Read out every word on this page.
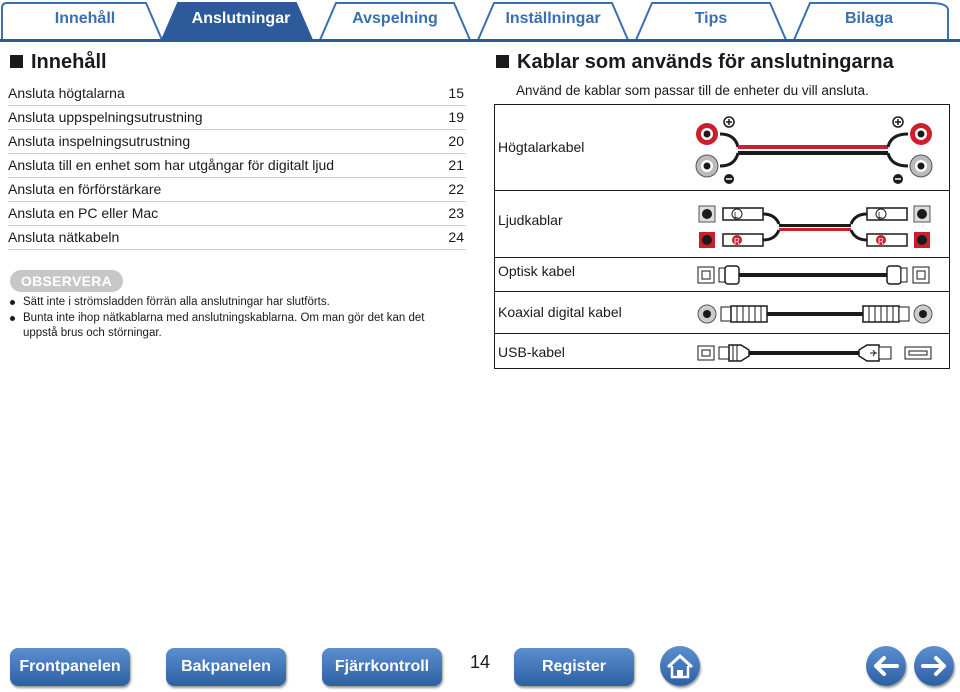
Innehåll	Anslutningar	Avspelning	Inställningar	Tips	Bilaga
Innehåll
Ansluta högtalarna	15
Ansluta uppspelningsutrustning	19
Ansluta inspelningsutrustning	20
Ansluta till en enhet som har utgångar för digitalt ljud	21
Ansluta en förförstärkare	22
Ansluta en PC eller Mac	23
Ansluta nätkabeln	24
OBSERVERA
Sätt inte i strömsladden förrän alla anslutningar har slutförts.
Bunta inte ihop nätkablarna med anslutningskablarna. Om man gör det kan det uppstå brus och störningar.
Kablar som används för anslutningarna
Använd de kablar som passar till de enheter du vill ansluta.
Högtalarkabel
Ljudkablar	L
R
L
R
Optisk kabel
Koaxial digital kabel
USB-kabel
Frontpanelen	Bakpanelen	Fjärrkontroll	14	Register
